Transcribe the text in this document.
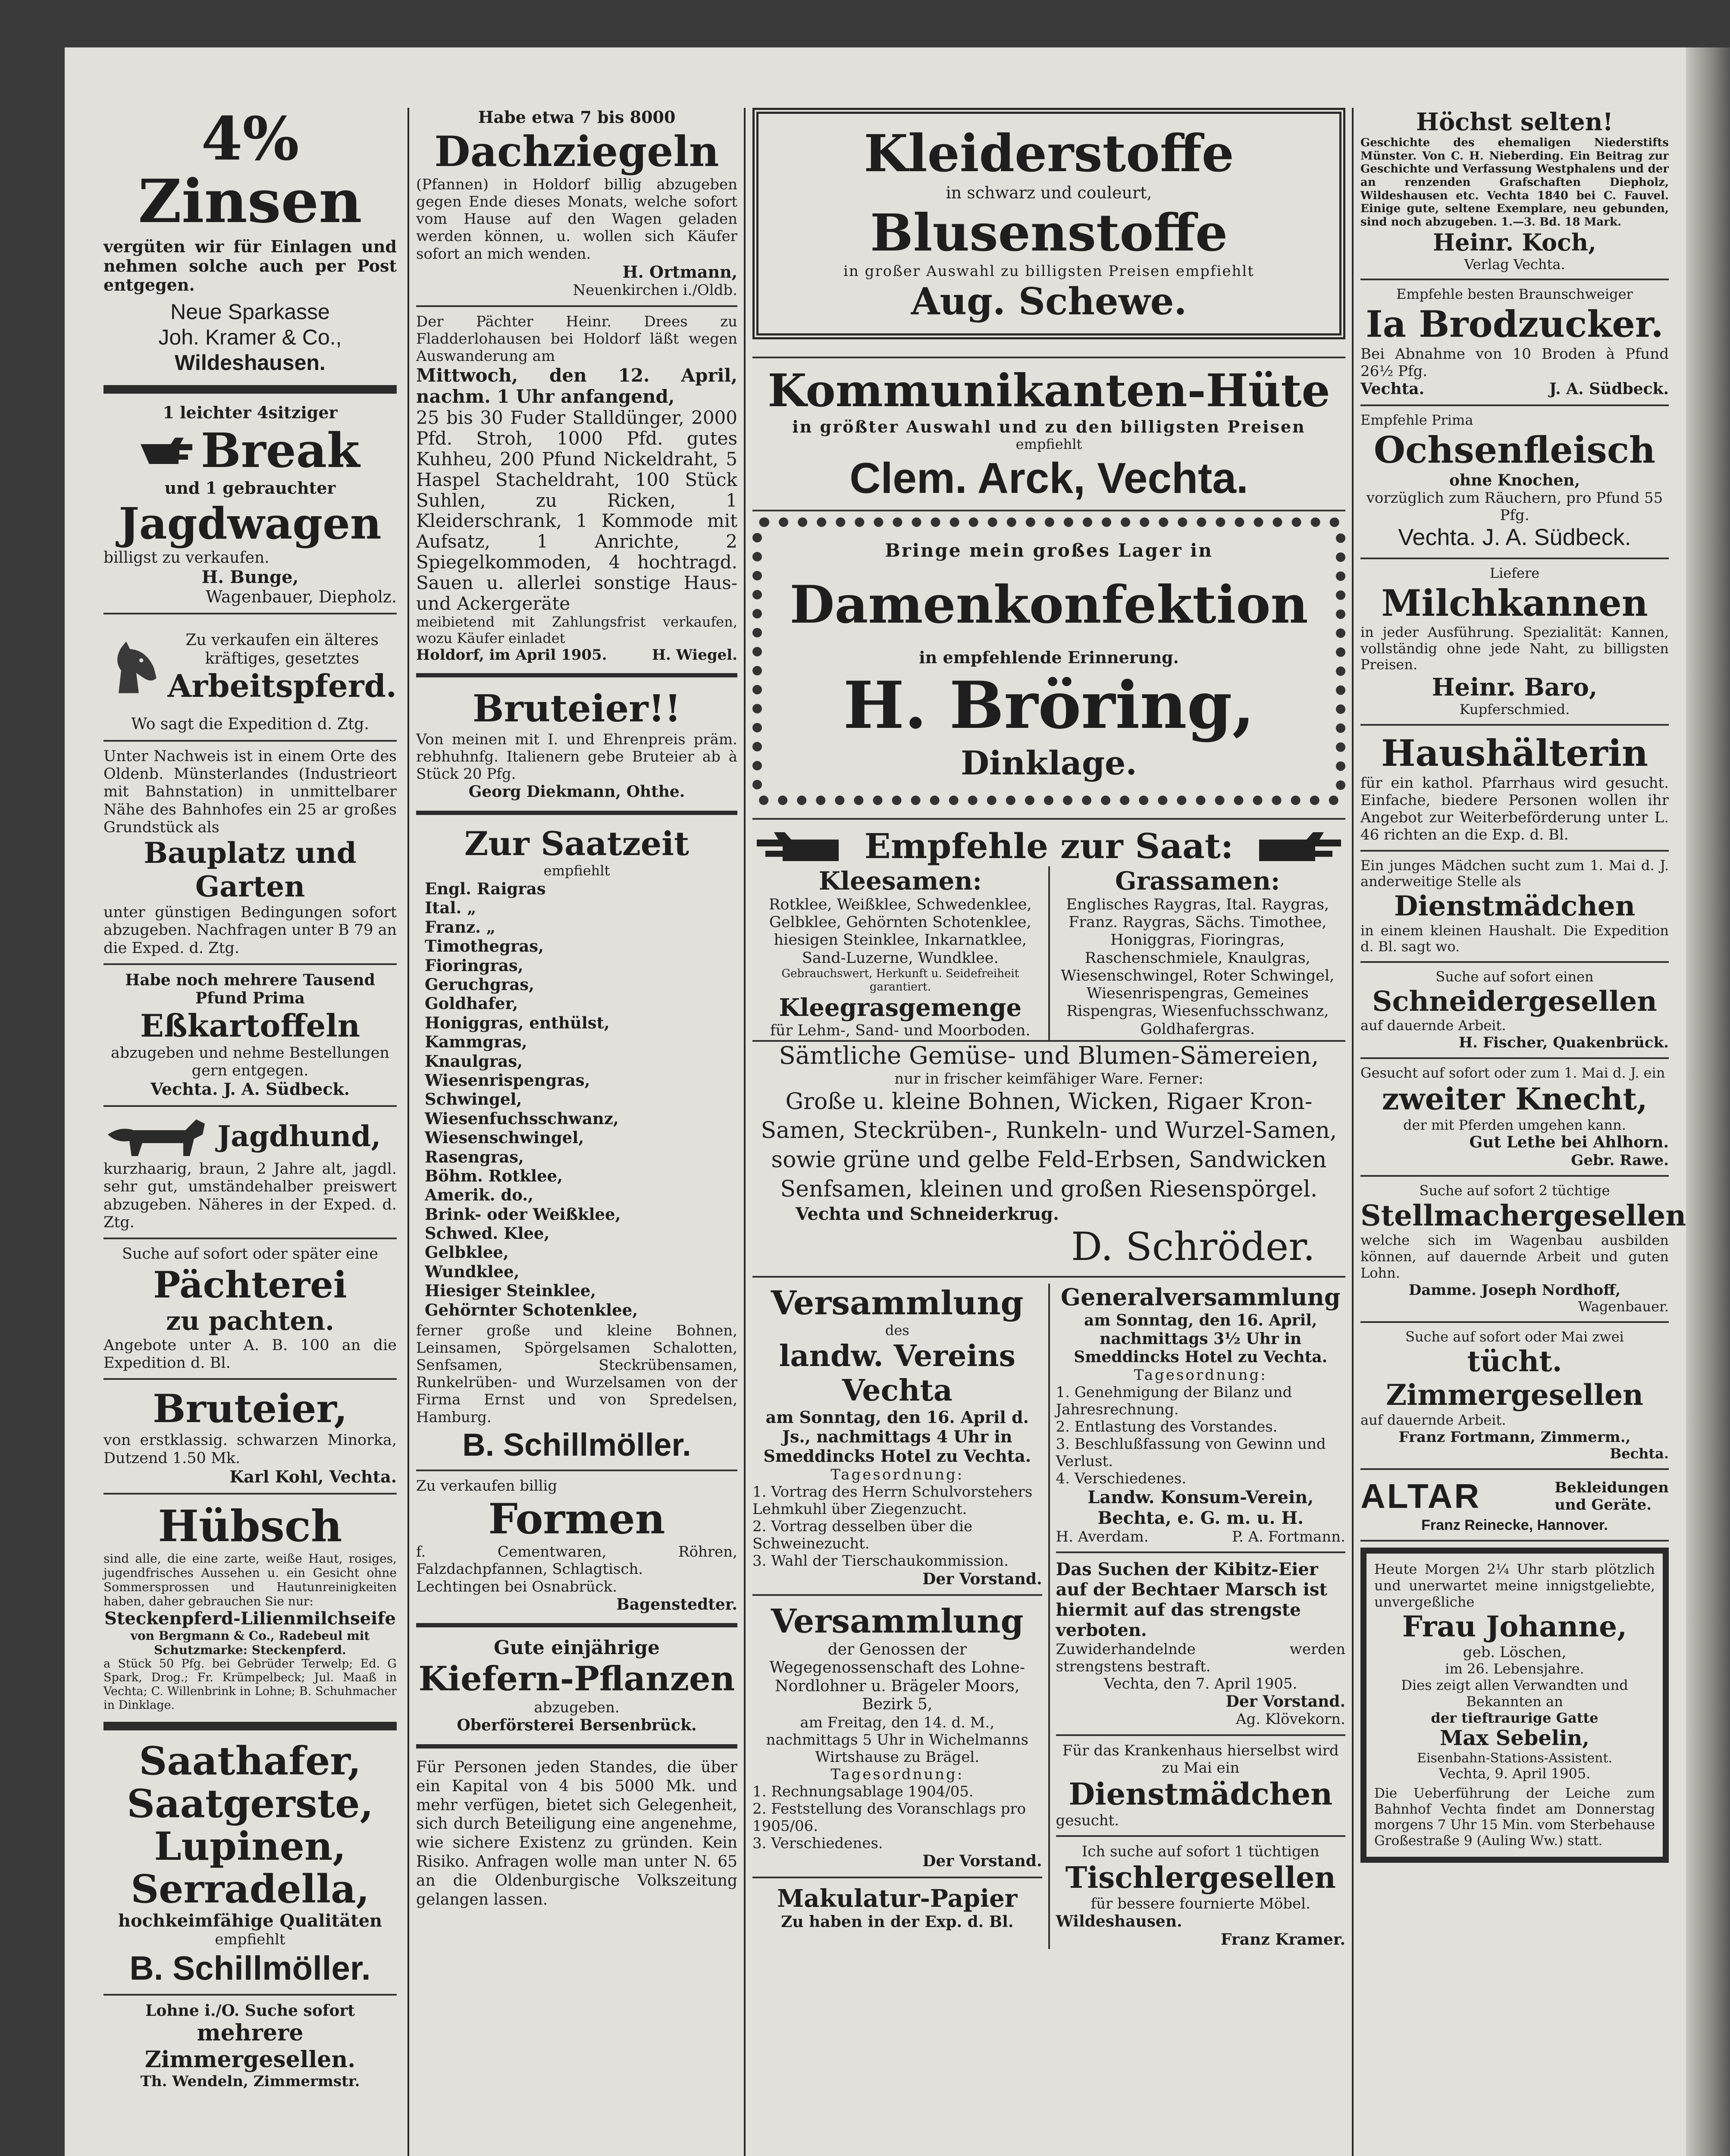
4% Zinsen

vergüten wir für Einlagen und nehmen solche auch per Post entgegen.

Neue Sparkasse

Joh. Kramer & Co.,

Wildeshausen.

1 leichter 4sitziger

Break

und 1 gebrauchter

Jagdwagen

billigst zu verkaufen.

H. Bunge,

Wagenbauer, Diepholz.

Zu verkaufen ein älteres kräftiges, gesetztes

Arbeitspferd.

Wo sagt die Expedition d. Ztg.

Unter Nachweis ist in einem Orte des Oldenb. Münsterlandes (Industrieort mit Bahnstation) in unmittelbarer Nähe des Bahnhofes ein 25 ar großes Grundstück als

Bauplatz und Garten

unter günstigen Bedingungen sofort abzugeben. Nachfragen unter B 79 an die Exped. d. Ztg.

Habe noch mehrere Tausend Pfund Prima

Eßkartoffeln

abzugeben und nehme Bestellungen gern entgegen.

Vechta. J. A. Südbeck.

Jagdhund,

kurzhaarig, braun, 2 Jahre alt, jagdl. sehr gut, umständehalber preiswert abzugeben. Näheres in der Exped. d. Ztg.

Suche auf sofort oder später eine

Pächterei

zu pachten.

Angebote unter A. B. 100 an die Expedition d. Bl.

Bruteier,

von erstklassig. schwarzen Minorka, Dutzend 1.50 Mk.

Karl Kohl, Vechta.

Hübsch

sind alle, die eine zarte, weiße Haut, rosiges, jugendfrisches Aussehen u. ein Gesicht ohne Sommersprossen und Hautunreinigkeiten haben, daher gebrauchen Sie nur:

Steckenpferd-Lilienmilchseife

von Bergmann & Co., Radebeul mit Schutzmarke: Steckenpferd.

a Stück 50 Pfg. bei Gebrüder Terwelp; Ed. G Spark, Drog.; Fr. Krümpelbeck; Jul. Maaß in Vechta; C. Willenbrink in Lohne; B. Schuhmacher in Dinklage.

Saathafer,

Saatgerste,

Lupinen,

Serradella,

hochkeimfähige Qualitäten

empfiehlt

B. Schillmöller.

Lohne i./O. Suche sofort

mehrere Zimmergesellen.

Th. Wendeln, Zimmermstr.

Habe etwa 7 bis 8000

Dachziegeln

(Pfannen) in Holdorf billig abzugeben gegen Ende dieses Monats, welche sofort vom Hause auf den Wagen geladen werden können, u. wollen sich Käufer sofort an mich wenden.

H. Ortmann,

Neuenkirchen i./Oldb.

Der Pächter Heinr. Drees zu Fladderlohausen bei Holdorf läßt wegen Auswanderung am

Mittwoch, den 12. April, nachm. 1 Uhr anfangend,

25 bis 30 Fuder Stalldünger, 2000 Pfd. Stroh, 1000 Pfd. gutes Kuhheu, 200 Pfund Nickeldraht, 5 Haspel Stacheldraht, 100 Stück Suhlen, zu Ricken, 1 Kleiderschrank, 1 Kommode mit Aufsatz, 1 Anrichte, 2 Spiegelkommoden, 4 hochtragd. Sauen u. allerlei sonstige Haus- und Ackergeräte

meibietend mit Zahlungsfrist verkaufen, wozu Käufer einladet

Holdorf, im April 1905.	H. Wiegel.

Bruteier!!

Von meinen mit I. und Ehrenpreis präm. rebhuhnfg. Italienern gebe Bruteier ab à Stück 20 Pfg.

Georg Diekmann, Ohthe.

Zur Saatzeit

empfiehlt

Engl. Raigras
Ital. „
Franz. „
Timothegras,
Fioringras,
Geruchgras,
Goldhafer,
Honiggras, enthülst,
Kammgras,
Knaulgras,
Wiesenrispengras,
Schwingel,
Wiesenfuchsschwanz,
Wiesenschwingel,
Rasengras,
Böhm. Rotklee,
Amerik. do.,
Brink- oder Weißklee,
Schwed. Klee,
Gelbklee,
Wundklee,
Hiesiger Steinklee,
Gehörnter Schotenklee,

ferner große und kleine Bohnen, Leinsamen, Spörgelsamen Schalotten, Senfsamen, Steckrübensamen, Runkelrüben- und Wurzelsamen von der Firma Ernst und von Spredelsen, Hamburg.

B. Schillmöller.

Zu verkaufen billig

Formen

f. Cementwaren, Röhren, Falzdachpfannen, Schlagtisch.

Lechtingen bei Osnabrück.

Bagenstedter.

Gute einjährige

Kiefern-Pflanzen

abzugeben.

Oberförsterei Bersenbrück.

Für Personen jeden Standes, die über ein Kapital von 4 bis 5000 Mk. und mehr verfügen, bietet sich Gelegenheit, sich durch Beteiligung eine angenehme, wie sichere Existenz zu gründen. Kein Risiko. Anfragen wolle man unter N. 65 an die Oldenburgische Volkszeitung gelangen lassen.

Kleiderstoffe

in schwarz und couleurt,

Blusenstoffe

in großer Auswahl zu billigsten Preisen empfiehlt

Aug. Schewe.

Kommunikanten-Hüte

in größter Auswahl und zu den billigsten Preisen

empfiehlt

Clem. Arck, Vechta.

Bringe mein großes Lager in

Damenkonfektion

in empfehlende Erinnerung.

H. Bröring,

Dinklage.

Empfehle zur Saat:

Kleesamen:

Rotklee, Weißklee, Schwedenklee, Gelbklee, Gehörnten Schotenklee, hiesigen Steinklee, Inkarnatklee, Sand-Luzerne, Wundklee.

Gebrauchswert, Herkunft u. Seidefreiheit garantiert.

Kleegrasgemenge

für Lehm-, Sand- und Moorboden.

Grassamen:

Englisches Raygras, Ital. Raygras, Franz. Raygras, Sächs. Timothee, Honiggras, Fioringras, Raschenschmiele, Knaulgras, Wiesenschwingel, Roter Schwingel, Wiesenrispengras, Gemeines Rispengras, Wiesenfuchsschwanz, Goldhafergras.

Sämtliche Gemüse- und Blumen-Sämereien,

nur in frischer keimfähiger Ware. Ferner:

Große u. kleine Bohnen, Wicken, Rigaer Kron-Samen, Steckrüben-, Runkeln- und Wurzel-Samen, sowie grüne und gelbe Feld-Erbsen, Sandwicken Senfsamen, kleinen und großen Riesenspörgel.

Vechta und Schneiderkrug.

D. Schröder.

Versammlung

des

landw. Vereins Vechta

am Sonntag, den 16. April d. Js., nachmittags 4 Uhr in Smeddincks Hotel zu Vechta.

Tagesordnung:

1. Vortrag des Herrn Schulvorstehers Lehmkuhl über Ziegenzucht.
2. Vortrag desselben über die Schweinezucht.
3. Wahl der Tierschaukommission.

Der Vorstand.

Versammlung

der Genossen der Wegegenossenschaft des Lohne-Nordlohner u. Brägeler Moors, Bezirk 5,

am Freitag, den 14. d. M., nachmittags 5 Uhr in Wichelmanns Wirtshause zu Brägel.

Tagesordnung:

1. Rechnungsablage 1904/05.
2. Feststellung des Voranschlags pro 1905/06.
3. Verschiedenes.

Der Vorstand.

Makulatur-Papier

Zu haben in der Exp. d. Bl.

Generalversammlung

am Sonntag, den 16. April, nachmittags 3½ Uhr in Smeddincks Hotel zu Vechta.

Tagesordnung:

1. Genehmigung der Bilanz und Jahresrechnung.
2. Entlastung des Vorstandes.
3. Beschlußfassung von Gewinn und Verlust.
4. Verschiedenes.

Landw. Konsum-Verein, Bechta, e. G. m. u. H.

H. Averdam.	P. A. Fortmann.

Das Suchen der Kibitz-Eier auf der Bechtaer Marsch ist hiermit auf das strengste verboten.

Zuwiderhandelnde werden strengstens bestraft.

Vechta, den 7. April 1905.

Der Vorstand.

Ag. Klövekorn.

Für das Krankenhaus hierselbst wird zu Mai ein

Dienstmädchen

gesucht.

Ich suche auf sofort 1 tüchtigen

Tischlergesellen

für bessere fournierte Möbel.

Wildeshausen.

Franz Kramer.

Höchst selten!

Geschichte des ehemaligen Niederstifts Münster. Von C. H. Nieberding. Ein Beitrag zur Geschichte und Verfassung Westphalens und der an renzenden Grafschaften Diepholz, Wildeshausen etc. Vechta 1840 bei C. Fauvel. Einige gute, seltene Exemplare, neu gebunden, sind noch abzugeben. 1.—3. Bd. 18 Mark.

Heinr. Koch,

Verlag Vechta.

Empfehle besten Braunschweiger

Ia Brodzucker.

Bei Abnahme von 10 Broden à Pfund 26½ Pfg.

Vechta.	J. A. Südbeck.

Empfehle Prima

Ochsenfleisch

ohne Knochen,

vorzüglich zum Räuchern, pro Pfund 55 Pfg.

Vechta. J. A. Südbeck.

Liefere

Milchkannen

in jeder Ausführung. Spezialität: Kannen, vollständig ohne jede Naht, zu billigsten Preisen.

Heinr. Baro,

Kupferschmied.

Haushälterin

für ein kathol. Pfarrhaus wird gesucht. Einfache, biedere Personen wollen ihr Angebot zur Weiterbeförderung unter L. 46 richten an die Exp. d. Bl.

Ein junges Mädchen sucht zum 1. Mai d. J. anderweitige Stelle als

Dienstmädchen

in einem kleinen Haushalt. Die Expedition d. Bl. sagt wo.

Suche auf sofort einen

Schneidergesellen

auf dauernde Arbeit.

H. Fischer, Quakenbrück.

Gesucht auf sofort oder zum 1. Mai d. J. ein

zweiter Knecht,

der mit Pferden umgehen kann.

Gut Lethe bei Ahlhorn.

Gebr. Rawe.

Suche auf sofort 2 tüchtige

Stellmachergesellen

welche sich im Wagenbau ausbilden können, auf dauernde Arbeit und guten Lohn.

Damme. Joseph Nordhoff,

Wagenbauer.

Suche auf sofort oder Mai zwei

tücht. Zimmergesellen

auf dauernde Arbeit.

Franz Fortmann, Zimmerm.,

Bechta.

ALTAR	Bekleidungen
und Geräte.

Franz Reinecke, Hannover.

Heute Morgen 2¼ Uhr starb plötzlich und unerwartet meine innigstgeliebte, unvergeßliche

Frau Johanne,

geb. Löschen,

im 26. Lebensjahre.

Dies zeigt allen Verwandten und Bekannten an

der tieftraurige Gatte

Max Sebelin,

Eisenbahn-Stations-Assistent.

Vechta, 9. April 1905.

Die Ueberführung der Leiche zum Bahnhof Vechta findet am Donnerstag morgens 7 Uhr 15 Min. vom Sterbehause Großestraße 9 (Auling Ww.) statt.
